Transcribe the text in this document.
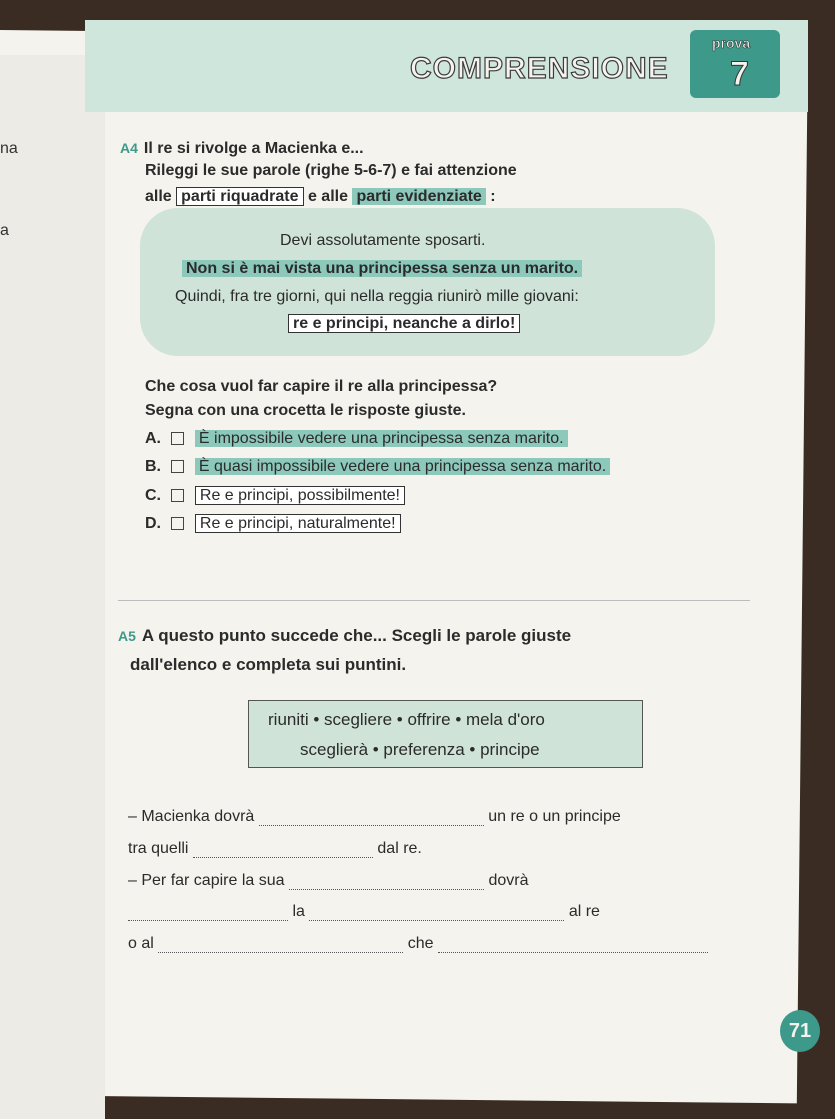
COMPRENSIONE
prova
7
na
a
A4 Il re si rivolge a Macienka e...
Rileggi le sue parole (righe 5-6-7) e fai attenzione
alle parti riquadrate e alle parti evidenziate :
Devi assolutamente sposarti.
Non si è mai vista una principessa senza un marito.
Quindi, fra tre giorni, qui nella reggia riunirò mille giovani:
re e principi, neanche a dirlo!
Che cosa vuol far capire il re alla principessa?
Segna con una crocetta le risposte giuste.
A. È impossibile vedere una principessa senza marito.
B. È quasi impossibile vedere una principessa senza marito.
C. Re e principi, possibilmente!
D. Re e principi, naturalmente!
A5 A questo punto succede che... Scegli le parole giuste
dall'elenco e completa sui puntini.
riuniti • scegliere • offrire • mela d'oro
sceglierà • preferenza • principe
– Macienka dovrà	un re o un principe
tra quelli	dal re.
– Per far capire la sua	dovrà
la	al re
o al	che
71
